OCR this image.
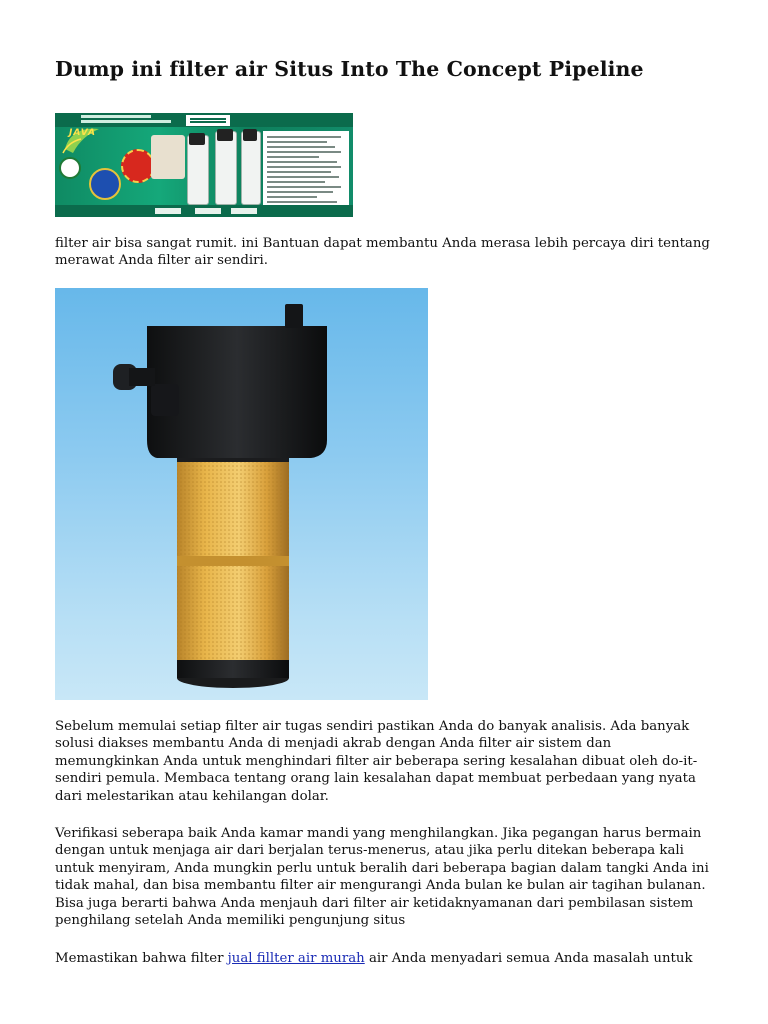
Dump ini filter air Situs Into The Concept Pipeline
JAVA

filter air bisa sangat rumit. ini Bantuan dapat membantu Anda merasa lebih percaya diri tentang merawat Anda filter air sendiri.

Sebelum memulai setiap filter air tugas sendiri pastikan Anda do banyak analisis. Ada banyak solusi diakses membantu Anda di menjadi akrab dengan Anda filter air sistem dan memungkinkan Anda untuk menghindari filter air beberapa sering kesalahan dibuat oleh do-it-sendiri pemula. Membaca tentang orang lain kesalahan dapat membuat perbedaan yang nyata dari melestarikan atau kehilangan dolar.

Verifikasi seberapa baik Anda kamar mandi yang menghilangkan. Jika pegangan harus bermain dengan untuk menjaga air dari berjalan terus-menerus, atau jika perlu ditekan beberapa kali untuk menyiram, Anda mungkin perlu untuk beralih dari beberapa bagian dalam tangki Anda ini tidak mahal, dan bisa membantu filter air mengurangi Anda bulan ke bulan air tagihan bulanan. Bisa juga berarti bahwa Anda menjauh dari filter air ketidaknyamanan dari pembilasan sistem penghilang setelah Anda memiliki pengunjung situs

Memastikan bahwa filter jual fillter air murah air Anda menyadari semua Anda masalah untuk
